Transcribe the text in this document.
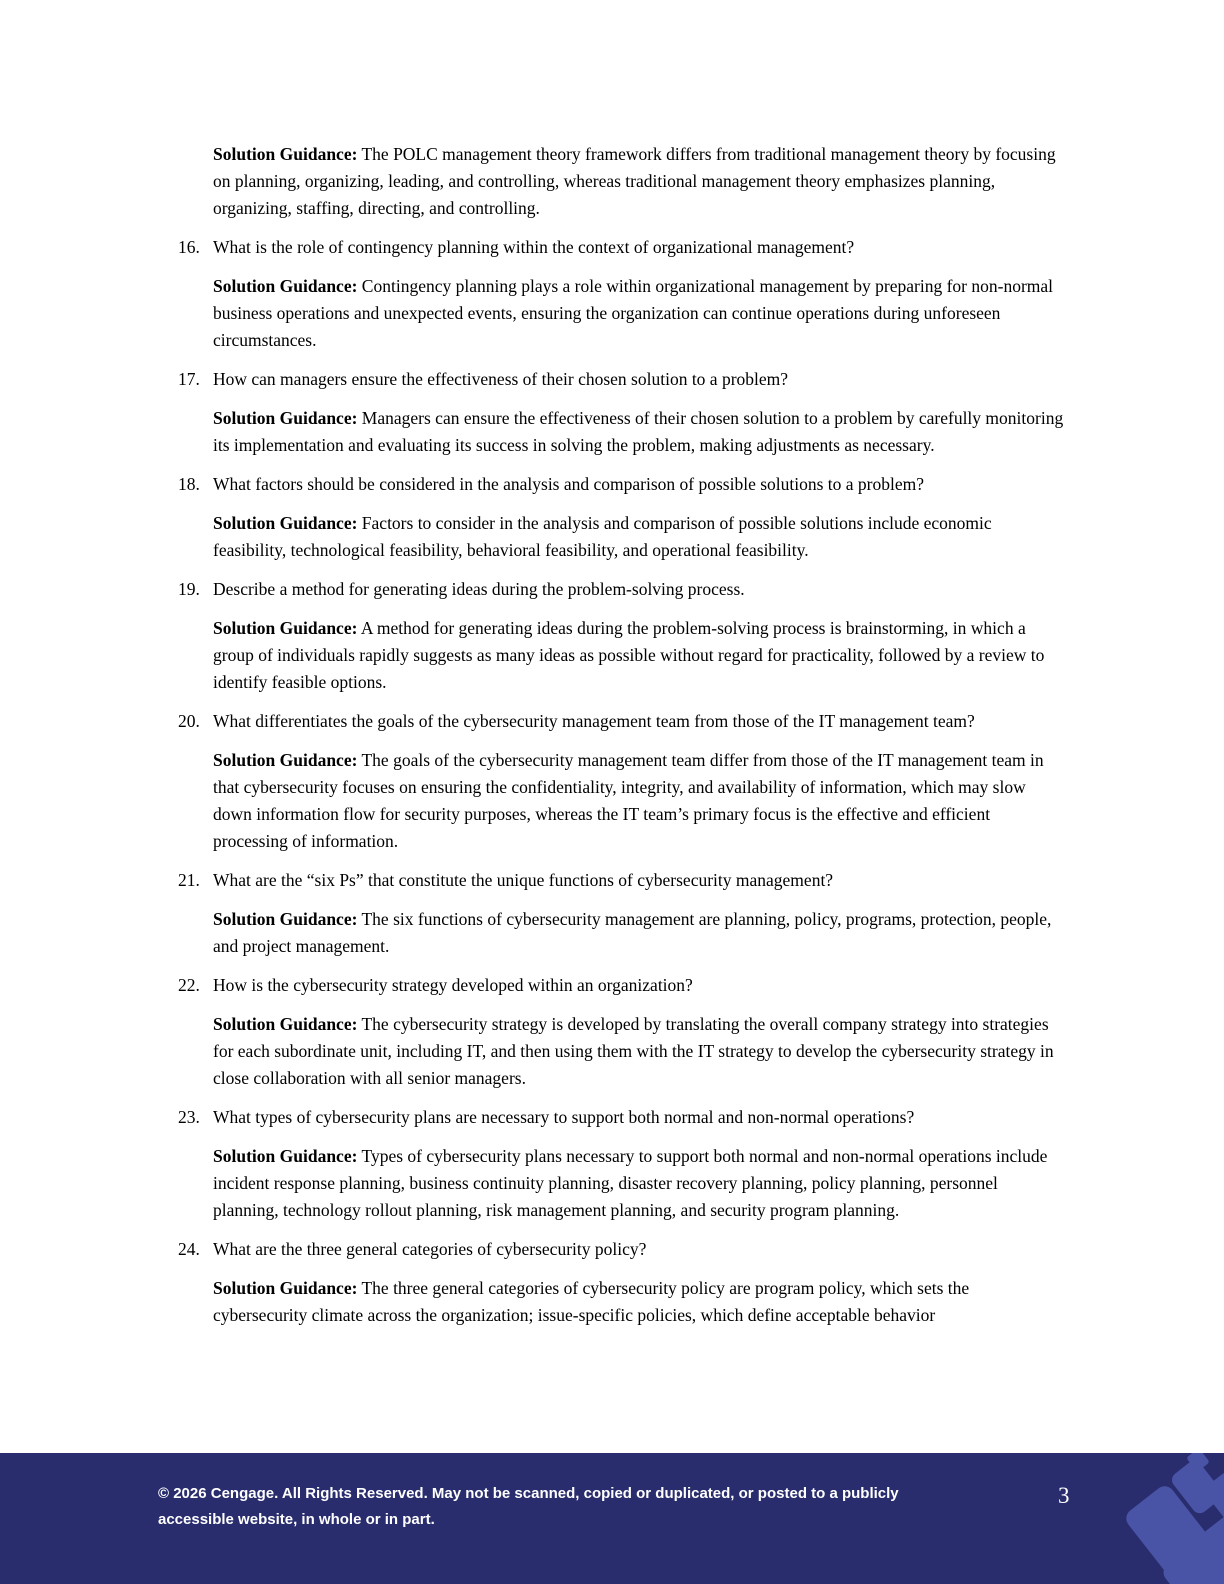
Solution Guidance: The POLC management theory framework differs from traditional management theory by focusing on planning, organizing, leading, and controlling, whereas traditional management theory emphasizes planning, organizing, staffing, directing, and controlling.

16. What is the role of contingency planning within the context of organizational management?

Solution Guidance: Contingency planning plays a role within organizational management by preparing for non-normal business operations and unexpected events, ensuring the organization can continue operations during unforeseen circumstances.

17. How can managers ensure the effectiveness of their chosen solution to a problem?

Solution Guidance: Managers can ensure the effectiveness of their chosen solution to a problem by carefully monitoring its implementation and evaluating its success in solving the problem, making adjustments as necessary.

18. What factors should be considered in the analysis and comparison of possible solutions to a problem?

Solution Guidance: Factors to consider in the analysis and comparison of possible solutions include economic feasibility, technological feasibility, behavioral feasibility, and operational feasibility.

19. Describe a method for generating ideas during the problem-solving process.

Solution Guidance: A method for generating ideas during the problem-solving process is brainstorming, in which a group of individuals rapidly suggests as many ideas as possible without regard for practicality, followed by a review to identify feasible options.

20. What differentiates the goals of the cybersecurity management team from those of the IT management team?

Solution Guidance: The goals of the cybersecurity management team differ from those of the IT management team in that cybersecurity focuses on ensuring the confidentiality, integrity, and availability of information, which may slow down information flow for security purposes, whereas the IT team’s primary focus is the effective and efficient processing of information.

21. What are the “six Ps” that constitute the unique functions of cybersecurity management?

Solution Guidance: The six functions of cybersecurity management are planning, policy, programs, protection, people, and project management.

22. How is the cybersecurity strategy developed within an organization?

Solution Guidance: The cybersecurity strategy is developed by translating the overall company strategy into strategies for each subordinate unit, including IT, and then using them with the IT strategy to develop the cybersecurity strategy in close collaboration with all senior managers.

23. What types of cybersecurity plans are necessary to support both normal and non-normal operations?

Solution Guidance: Types of cybersecurity plans necessary to support both normal and non-normal operations include incident response planning, business continuity planning, disaster recovery planning, policy planning, personnel planning, technology rollout planning, risk management planning, and security program planning.

24. What are the three general categories of cybersecurity policy?

Solution Guidance: The three general categories of cybersecurity policy are program policy, which sets the cybersecurity climate across the organization; issue-specific policies, which define acceptable behavior

© 2026 Cengage. All Rights Reserved. May not be scanned, copied or duplicated, or posted to a publicly accessible website, in whole or in part.
3
